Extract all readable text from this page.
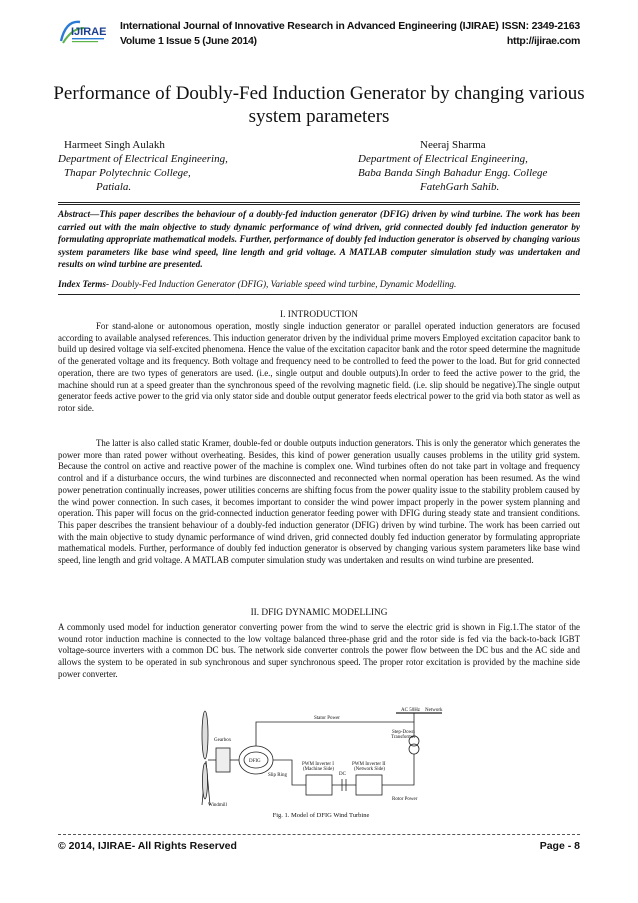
IJIRAE International Journal of Innovative Research in Advanced Engineering (IJIRAE) ISSN: 2349-2163
Volume 1 Issue 5 (June 2014)	http://ijirae.com
Performance of Doubly-Fed Induction Generator by changing various system parameters
Harmeet Singh Aulakh
Department of Electrical Engineering,
Thapar Polytechnic College,
Patiala.
Neeraj Sharma
Department of Electrical Engineering,
Baba Banda Singh Bahadur Engg. College
FatehGarh Sahib.
Abstract—This paper describes the behaviour of a doubly-fed induction generator (DFIG) driven by wind turbine. The work has been carried out with the main objective to study dynamic performance of wind driven, grid connected doubly fed induction generator by formulating appropriate mathematical models. Further, performance of doubly fed induction generator is observed by changing various system parameters like base wind speed, line length and grid voltage. A MATLAB computer simulation study was undertaken and results on wind turbine are presented.
Index Terms- Doubly-Fed Induction Generator (DFIG), Variable speed wind turbine, Dynamic Modelling.
I. INTRODUCTION
For stand-alone or autonomous operation, mostly single induction generator or parallel operated induction generators are focused according to available analysed references. This induction generator driven by the individual prime movers Employed excitation capacitor bank to build up desired voltage via self-excited phenomena. Hence the value of the excitation capacitor bank and the rotor speed determine the magnitude of the generated voltage and its frequency. Both voltage and frequency need to be controlled to feed the power to the load. But for grid connected operation, there are two types of generators are used. (i.e., single output and double outputs).In order to feed the active power to the grid, the machine should run at a speed greater than the synchronous speed of the revolving magnetic field. (i.e. slip should be negative).The single output generator feeds active power to the grid via only stator side and double output generator feeds electrical power to the grid via both stator as well as rotor side.
The latter is also called static Kramer, double-fed or double outputs induction generators. This is only the generator which generates the power more than rated power without overheating. Besides, this kind of power generation usually causes problems in the utility grid system. Because the control on active and reactive power of the machine is complex one. Wind turbines often do not take part in voltage and frequency control and if a disturbance occurs, the wind turbines are disconnected and reconnected when normal operation has been resumed. As the wind power penetration continually increases, power utilities concerns are shifting focus from the power quality issue to the stability problem caused by the wind power connection. In such cases, it becomes important to consider the wind power impact properly in the power system planning and operation. This paper will focus on the grid-connected induction generator feeding power with DFIG during steady state and transient conditions. This paper describes the transient behaviour of a doubly-fed induction generator (DFIG) driven by wind turbine. The work has been carried out with the main objective to study dynamic performance of wind driven, grid connected doubly fed induction generator by formulating appropriate mathematical models. Further, performance of doubly fed induction generator is observed by changing various system parameters like base wind speed, line length and grid voltage. A MATLAB computer simulation study was undertaken and results on wind turbine are presented.
II. DFIG DYNAMIC MODELLING
A commonly used model for induction generator converting power from the wind to serve the electric grid is shown in Fig.1.The stator of the wound rotor induction machine is connected to the low voltage balanced three-phase grid and the rotor side is fed via the back-to-back IGBT voltage-source inverters with a common DC bus. The network side converter controls the power flow between the DC bus and the AC side and allows the system to be operated in sub synchronous and super synchronous speed. The proper rotor excitation is provided by the machine side power converter.
Gearbox
Windmill
DFIG
Slip Ring
Stator Power
AC 50Hz Network
Step-Down
Transformer
PWM Inverter I
(Machine Side)
PWM Inverter II
(Network Side)
DC
Rotor Power
Fig. 1. Model of DFIG Wind Turbine
© 2014, IJIRAE- All Rights Reserved	Page - 8
